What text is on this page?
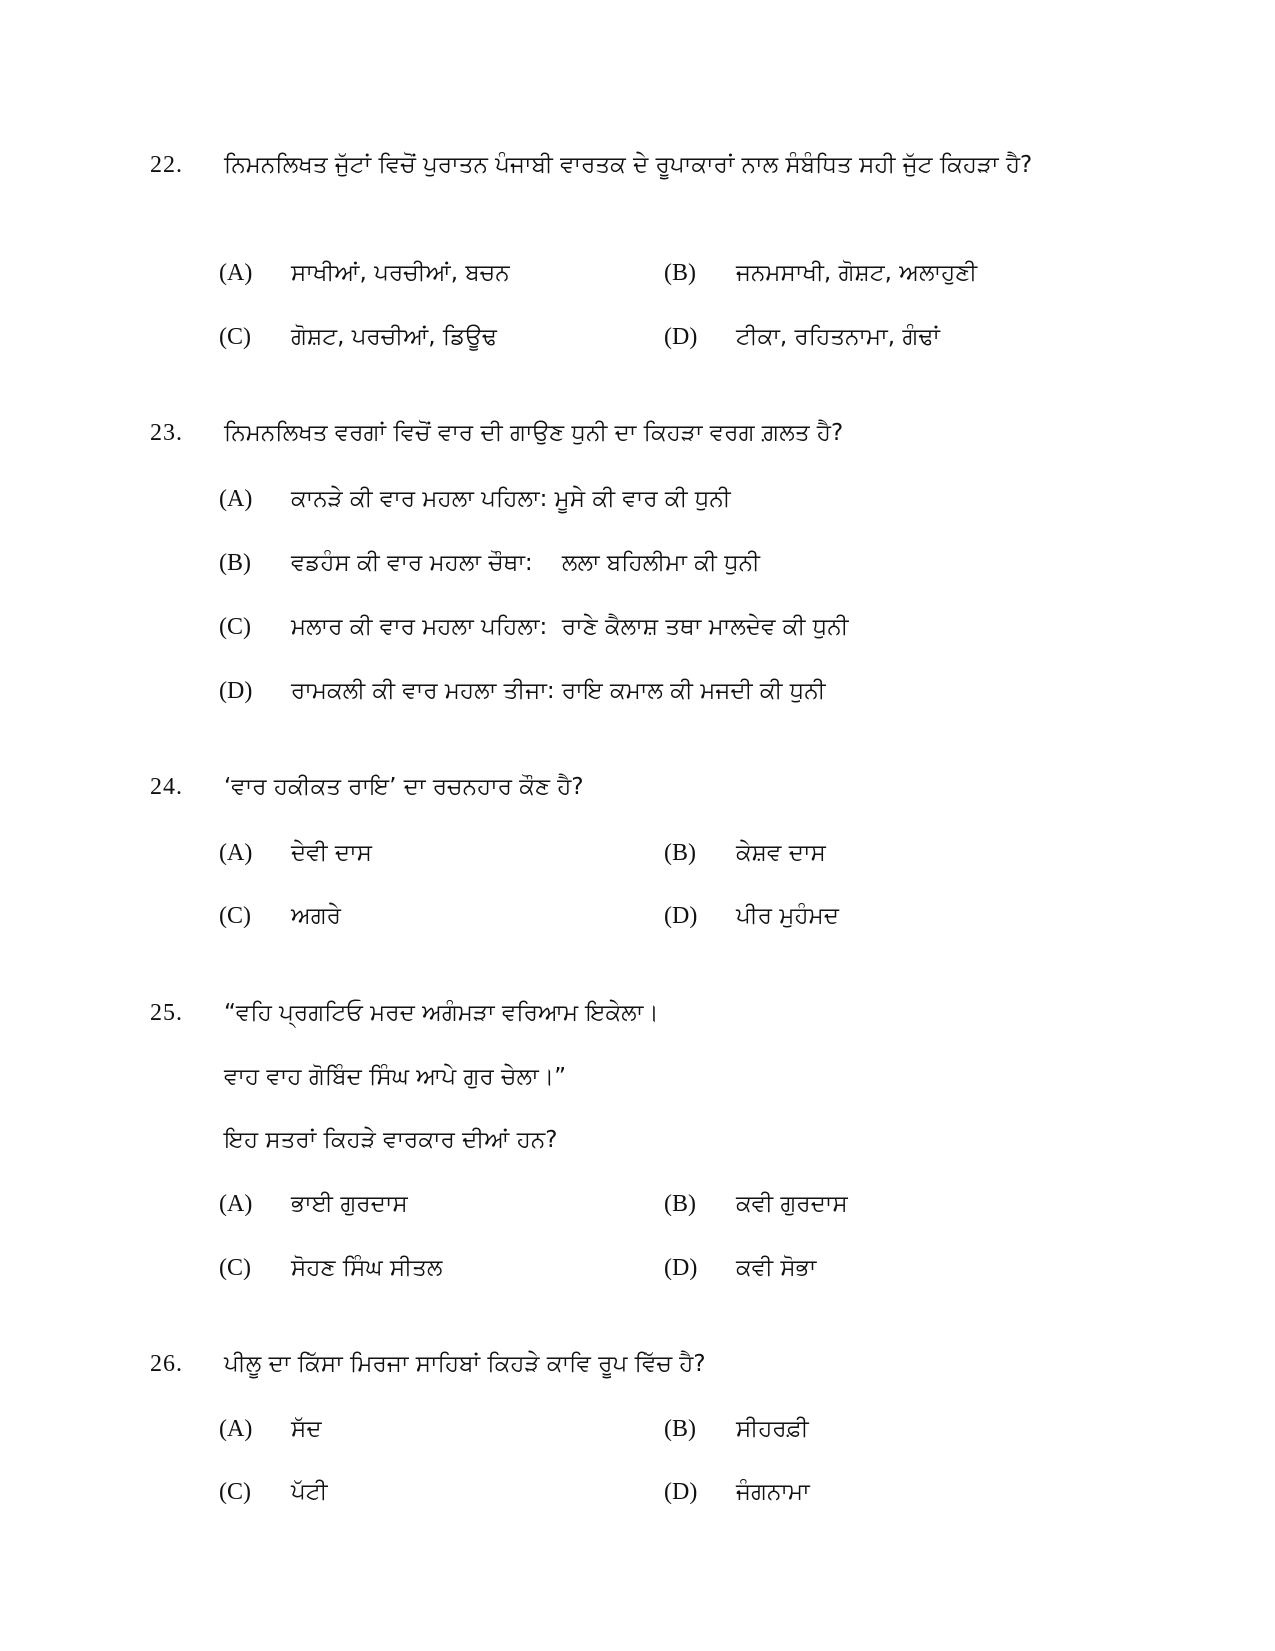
22. ਨਿਮਨਲਿਖਤ ਜੁੱਟਾਂ ਵਿਚੋਂ ਪੁਰਾਤਨ ਪੰਜਾਬੀ ਵਾਰਤਕ ਦੇ ਰੂਪਾਕਾਰਾਂ ਨਾਲ ਸੰਬੰਧਿਤ ਸਹੀ ਜੁੱਟ ਕਿਹੜਾ ਹੈ?
(A) ਸਾਖੀਆਂ, ਪਰਚੀਆਂ, ਬਚਨ	(B) ਜਨਮਸਾਖੀ, ਗੋਸ਼ਟ, ਅਲਾਹੁਣੀ
(C) ਗੋਸ਼ਟ, ਪਰਚੀਆਂ, ਡਿਊਢ	(D) ਟੀਕਾ, ਰਹਿਤਨਾਮਾ, ਗੰਢਾਂ
23. ਨਿਮਨਲਿਖਤ ਵਰਗਾਂ ਵਿਚੋਂ ਵਾਰ ਦੀ ਗਾਉਣ ਧੁਨੀ ਦਾ ਕਿਹੜਾ ਵਰਗ ਗ਼ਲਤ ਹੈ?
(A) ਕਾਨੜੇ ਕੀ ਵਾਰ ਮਹਲਾ ਪਹਿਲਾ: ਮੂਸੇ ਕੀ ਵਾਰ ਕੀ ਧੁਨੀ
(B) ਵਡਹੰਸ ਕੀ ਵਾਰ ਮਹਲਾ ਚੌਥਾ:    ਲਲਾ ਬਹਿਲੀਮਾ ਕੀ ਧੁਨੀ
(C) ਮਲਾਰ ਕੀ ਵਾਰ ਮਹਲਾ ਪਹਿਲਾ:  ਰਾਣੇ ਕੈਲਾਸ਼ ਤਥਾ ਮਾਲਦੇਵ ਕੀ ਧੁਨੀ
(D) ਰਾਮਕਲੀ ਕੀ ਵਾਰ ਮਹਲਾ ਤੀਜਾ: ਰਾਇ ਕਮਾਲ ਕੀ ਮਜਦੀ ਕੀ ਧੁਨੀ
24. ‘ਵਾਰ ਹਕੀਕਤ ਰਾਇ’ ਦਾ ਰਚਨਹਾਰ ਕੌਣ ਹੈ?
(A) ਦੇਵੀ ਦਾਸ	(B) ਕੇਸ਼ਵ ਦਾਸ
(C) ਅਗਰੇ	(D) ਪੀਰ ਮੁਹੰਮਦ
25. “ਵਹਿ ਪ੍ਰਗਟਿਓ ਮਰਦ ਅਗੰਮੜਾ ਵਰਿਆਮ ਇਕੇਲਾ।
ਵਾਹ ਵਾਹ ਗੋਬਿੰਦ ਸਿੰਘ ਆਪੇ ਗੁਰ ਚੇਲਾ।”
ਇਹ ਸਤਰਾਂ ਕਿਹੜੇ ਵਾਰਕਾਰ ਦੀਆਂ ਹਨ?
(A) ਭਾਈ ਗੁਰਦਾਸ	(B) ਕਵੀ ਗੁਰਦਾਸ
(C) ਸੋਹਣ ਸਿੰਘ ਸੀਤਲ	(D) ਕਵੀ ਸੋਭਾ
26. ਪੀਲੂ ਦਾ ਕਿੱਸਾ ਮਿਰਜਾ ਸਾਹਿਬਾਂ ਕਿਹੜੇ ਕਾਵਿ ਰੂਪ ਵਿੱਚ ਹੈ?
(A) ਸੱਦ	(B) ਸੀਹਰਫ਼ੀ
(C) ਪੱਟੀ	(D) ਜੰਗਨਾਮਾ
